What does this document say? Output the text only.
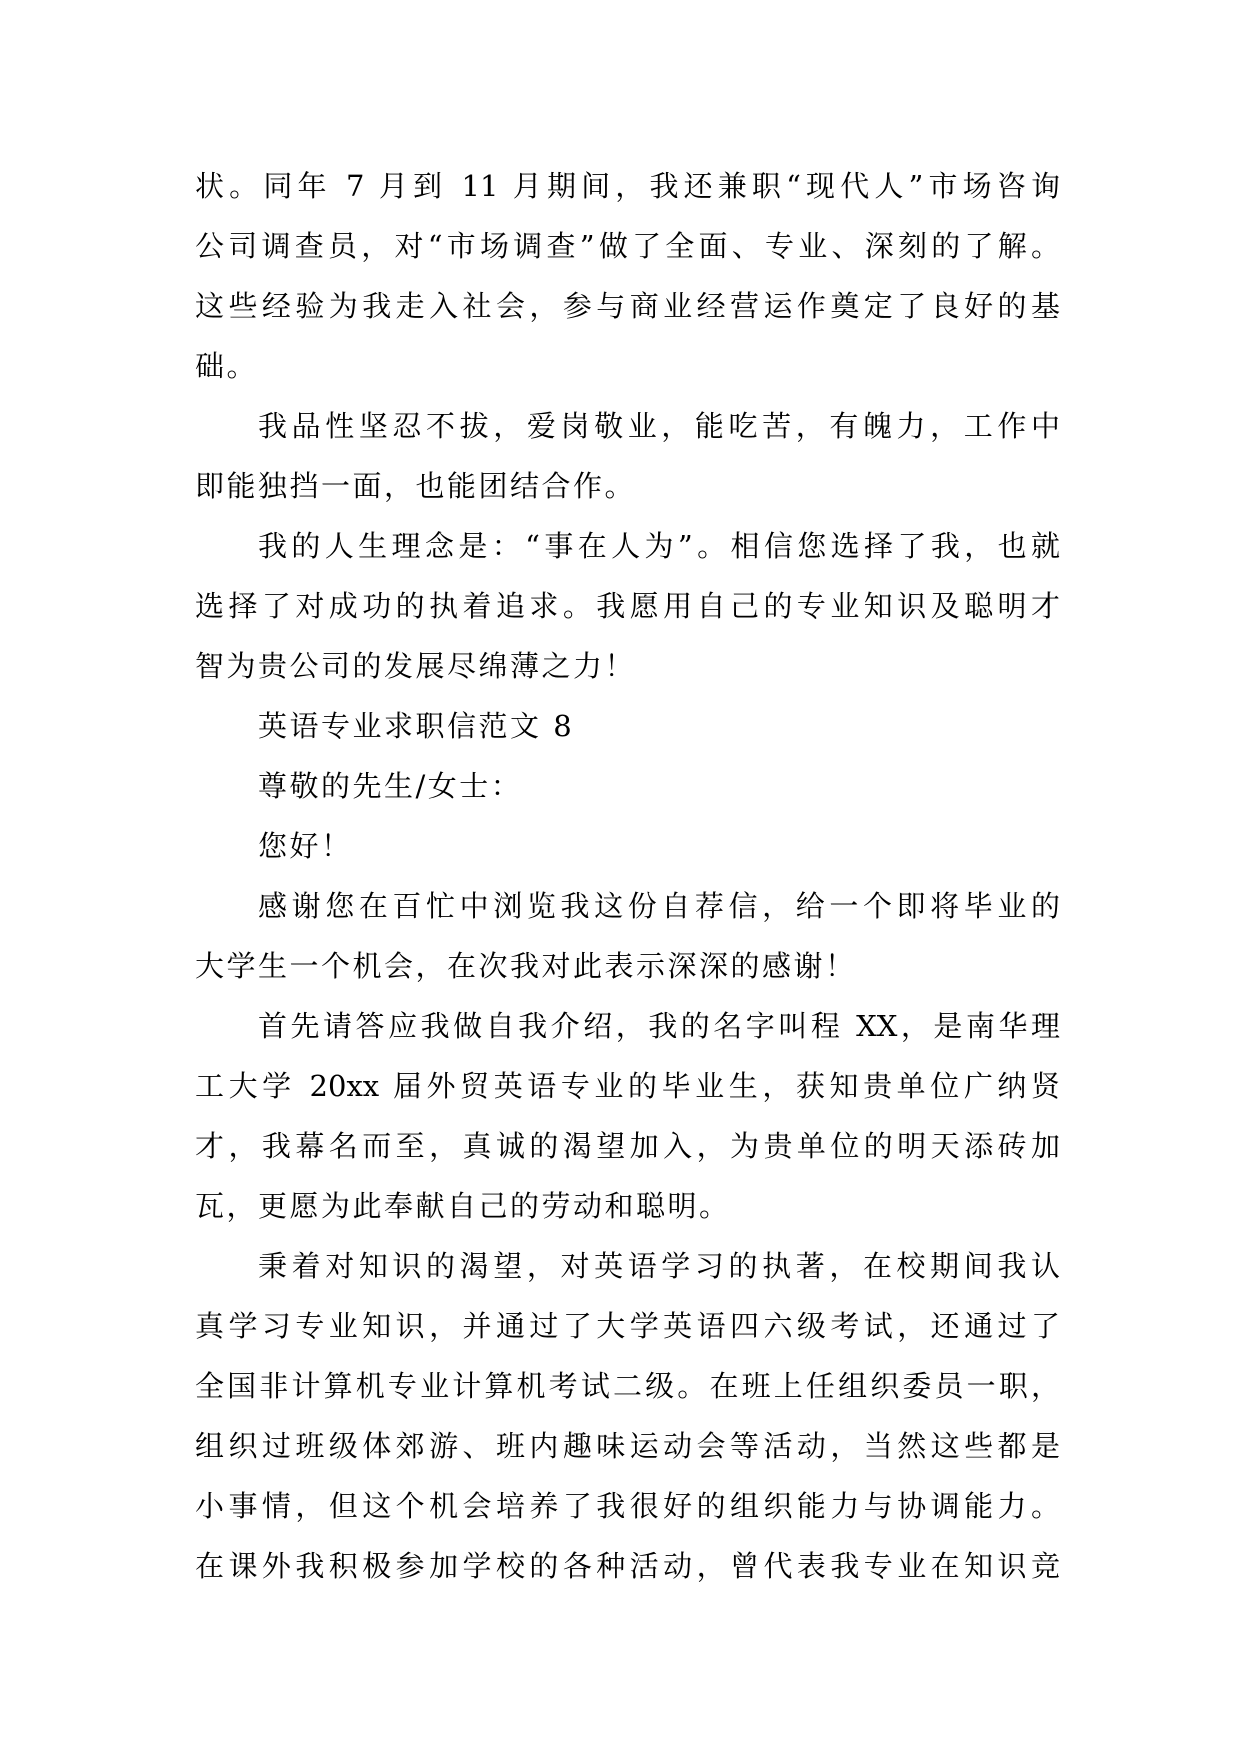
状。同年 7 月到 11 月期间，我还兼职“现代人”市场咨询
公司调查员，对“市场调查”做了全面、专业、深刻的了解。
这些经验为我走入社会，参与商业经营运作奠定了良好的基
础。
我品性坚忍不拔，爱岗敬业，能吃苦，有魄力，工作中
即能独挡一面，也能团结合作。
我的人生理念是：“事在人为”。相信您选择了我，也就
选择了对成功的执着追求。我愿用自己的专业知识及聪明才
智为贵公司的发展尽绵薄之力！
英语专业求职信范文 8
尊敬的先生/女士：
您好！
感谢您在百忙中浏览我这份自荐信，给一个即将毕业的
大学生一个机会，在次我对此表示深深的感谢！
首先请答应我做自我介绍，我的名字叫程 XX，是南华理
工大学 20xx 届外贸英语专业的毕业生，获知贵单位广纳贤
才，我幕名而至，真诚的渴望加入，为贵单位的明天添砖加
瓦，更愿为此奉献自己的劳动和聪明。
秉着对知识的渴望，对英语学习的执著，在校期间我认
真学习专业知识，并通过了大学英语四六级考试，还通过了
全国非计算机专业计算机考试二级。在班上任组织委员一职，
组织过班级体郊游、班内趣味运动会等活动，当然这些都是
小事情，但这个机会培养了我很好的组织能力与协调能力。
在课外我积极参加学校的各种活动，曾代表我专业在知识竞
